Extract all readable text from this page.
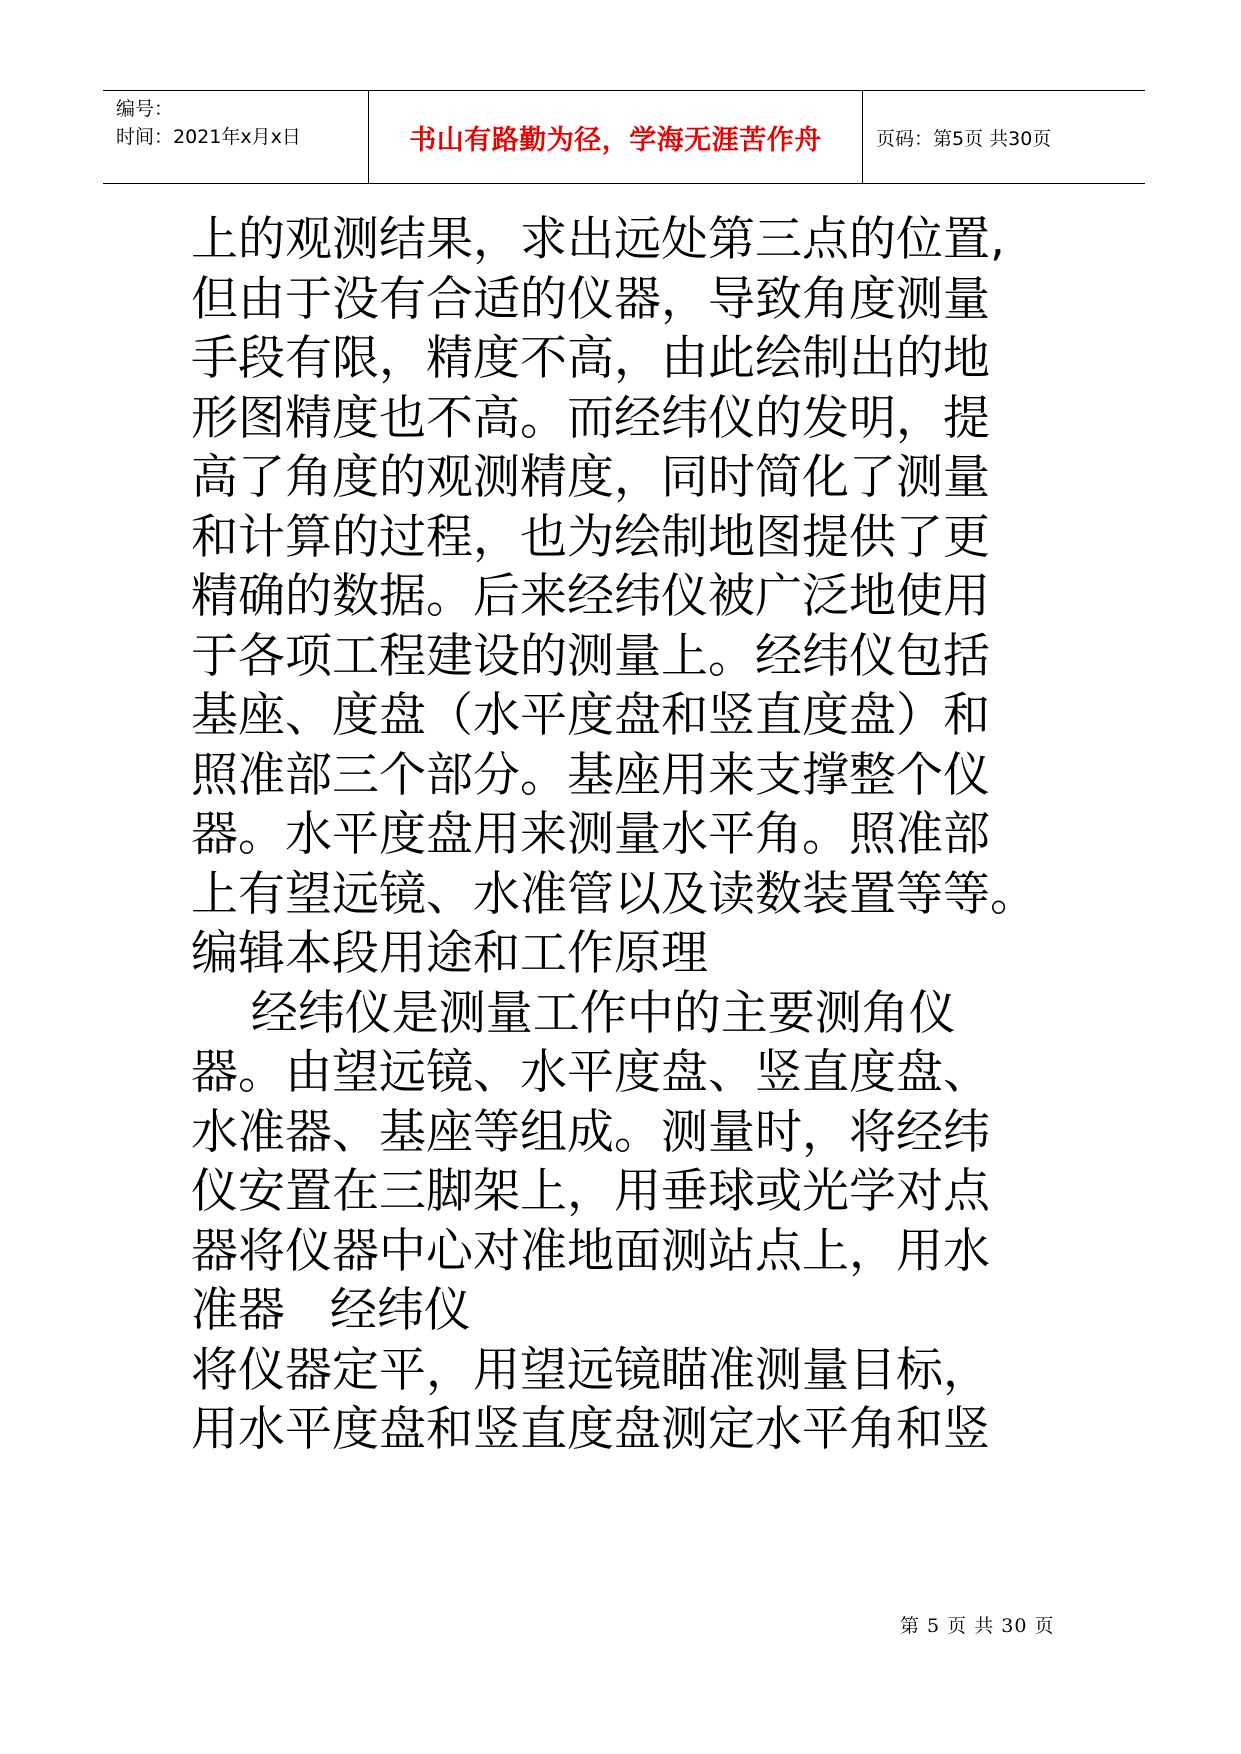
编号：
时间：2021年x月x日	书山有路勤为径，学海无涯苦作舟	页码：第5页 共30页
上的观测结果，求出远处第三点的位置,
但由于没有合适的仪器，导致角度测量
手段有限，精度不高，由此绘制出的地
形图精度也不高。而经纬仪的发明，提
高了角度的观测精度，同时简化了测量
和计算的过程，也为绘制地图提供了更
精确的数据。后来经纬仪被广泛地使用
于各项工程建设的测量上。经纬仪包括
基座、度盘（水平度盘和竖直度盘）和
照准部三个部分。基座用来支撑整个仪
器。水平度盘用来测量水平角。照准部
上有望远镜、水准管以及读数装置等等。
编辑本段用途和工作原理
经纬仪是测量工作中的主要测角仪
器。由望远镜、水平度盘、竖直度盘、
水准器、基座等组成。测量时，将经纬
仪安置在三脚架上，用垂球或光学对点
器将仪器中心对准地面测站点上，用水
准器   经纬仪
将仪器定平，用望远镜瞄准测量目标，
用水平度盘和竖直度盘测定水平角和竖
第 5 页 共 30 页
